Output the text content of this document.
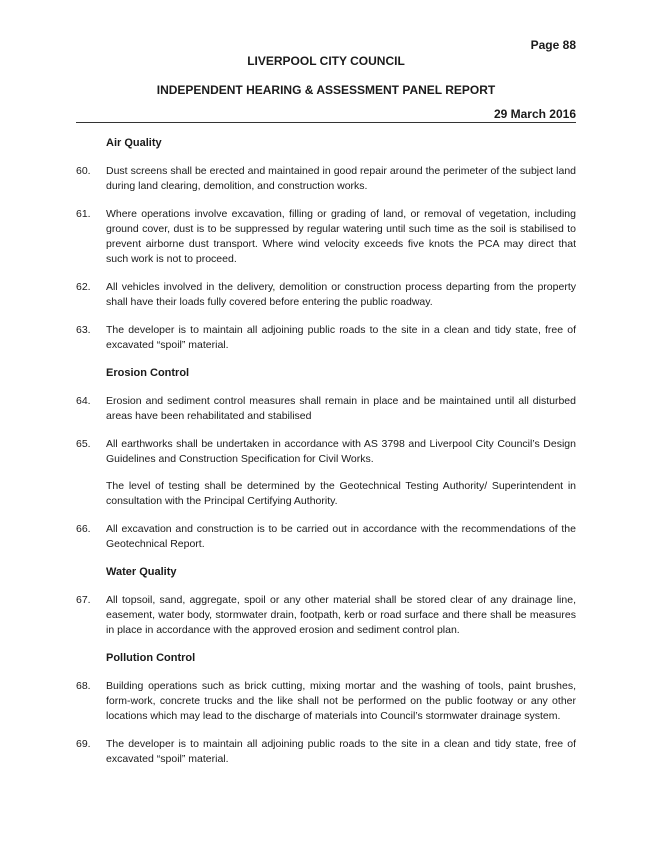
Page 88
LIVERPOOL CITY COUNCIL
INDEPENDENT HEARING & ASSESSMENT PANEL REPORT
29 March 2016
Air Quality
60. Dust screens shall be erected and maintained in good repair around the perimeter of the subject land during land clearing, demolition, and construction works.
61. Where operations involve excavation, filling or grading of land, or removal of vegetation, including ground cover, dust is to be suppressed by regular watering until such time as the soil is stabilised to prevent airborne dust transport. Where wind velocity exceeds five knots the PCA may direct that such work is not to proceed.
62. All vehicles involved in the delivery, demolition or construction process departing from the property shall have their loads fully covered before entering the public roadway.
63. The developer is to maintain all adjoining public roads to the site in a clean and tidy state, free of excavated “spoil” material.
Erosion Control
64. Erosion and sediment control measures shall remain in place and be maintained until all disturbed areas have been rehabilitated and stabilised
65. All earthworks shall be undertaken in accordance with AS 3798 and Liverpool City Council’s Design Guidelines and Construction Specification for Civil Works.
The level of testing shall be determined by the Geotechnical Testing Authority/ Superintendent in consultation with the Principal Certifying Authority.
66. All excavation and construction is to be carried out in accordance with the recommendations of the Geotechnical Report.
Water Quality
67. All topsoil, sand, aggregate, spoil or any other material shall be stored clear of any drainage line, easement, water body, stormwater drain, footpath, kerb or road surface and there shall be measures in place in accordance with the approved erosion and sediment control plan.
Pollution Control
68. Building operations such as brick cutting, mixing mortar and the washing of tools, paint brushes, form-work, concrete trucks and the like shall not be performed on the public footway or any other locations which may lead to the discharge of materials into Council’s stormwater drainage system.
69. The developer is to maintain all adjoining public roads to the site in a clean and tidy state, free of excavated “spoil” material.
